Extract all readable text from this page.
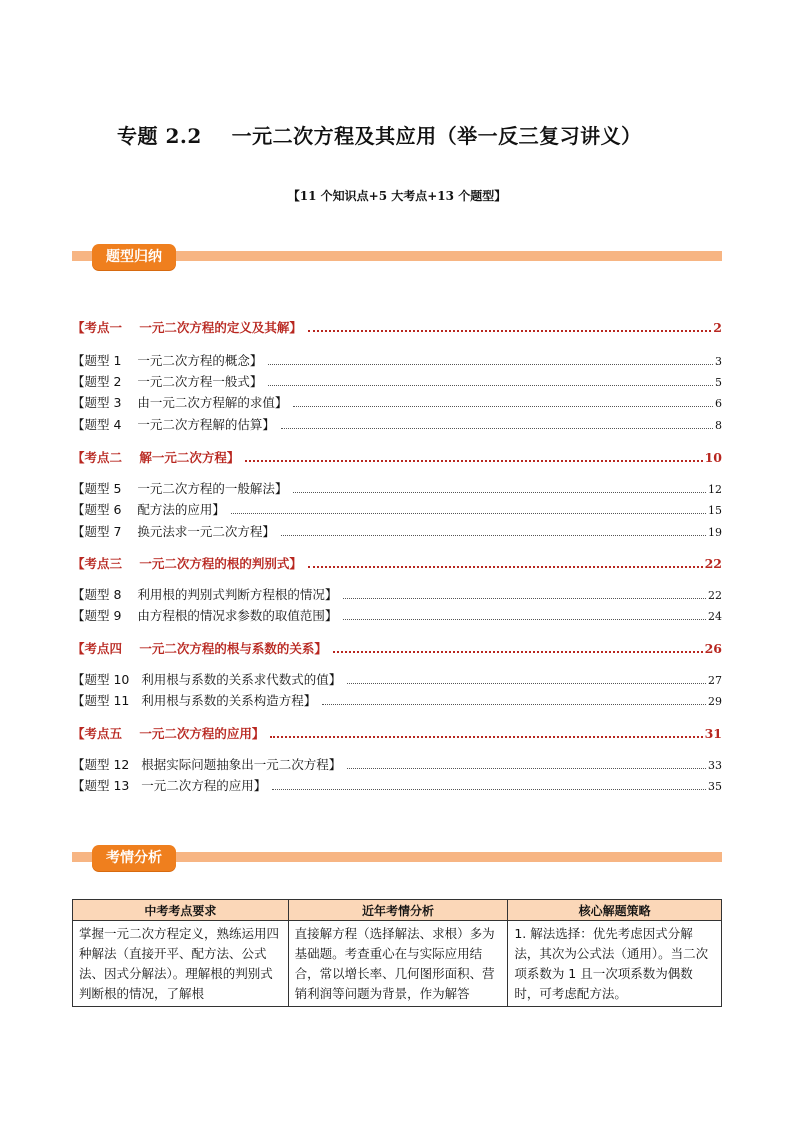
专题 2.2    一元二次方程及其应用（举一反三复习讲义）
【11 个知识点+5 大考点+13 个题型】
题型归纳
【考点一    一元二次方程的定义及其解】	2
【题型 1    一元二次方程的概念】	3
【题型 2    一元二次方程一般式】	5
【题型 3    由一元二次方程解的求值】	6
【题型 4    一元二次方程解的估算】	8
【考点二    解一元二次方程】	10
【题型 5    一元二次方程的一般解法】	12
【题型 6    配方法的应用】	15
【题型 7    换元法求一元二次方程】	19
【考点三    一元二次方程的根的判别式】	22
【题型 8    利用根的判别式判断方程根的情况】	22
【题型 9    由方程根的情况求参数的取值范围】	24
【考点四    一元二次方程的根与系数的关系】	26
【题型 10   利用根与系数的关系求代数式的值】	27
【题型 11   利用根与系数的关系构造方程】	29
【考点五    一元二次方程的应用】	31
【题型 12   根据实际问题抽象出一元二次方程】	33
【题型 13   一元二次方程的应用】	35
考情分析
中考考点要求	近年考情分析	核心解题策略
掌握一元二次方程定义，熟练运用四种解法（直接开平、配方法、公式法、因式分解法）。理解根的判别式判断根的情况，了解根	直接解方程（选择解法、求根）多为基础题。考查重心在与实际应用结合，常以增长率、几何图形面积、营销利润等问题为背景，作为解答	1. 解法选择：优先考虑因式分解法，其次为公式法（通用）。当二次项系数为 1 且一次项系数为偶数时，可考虑配方法。
